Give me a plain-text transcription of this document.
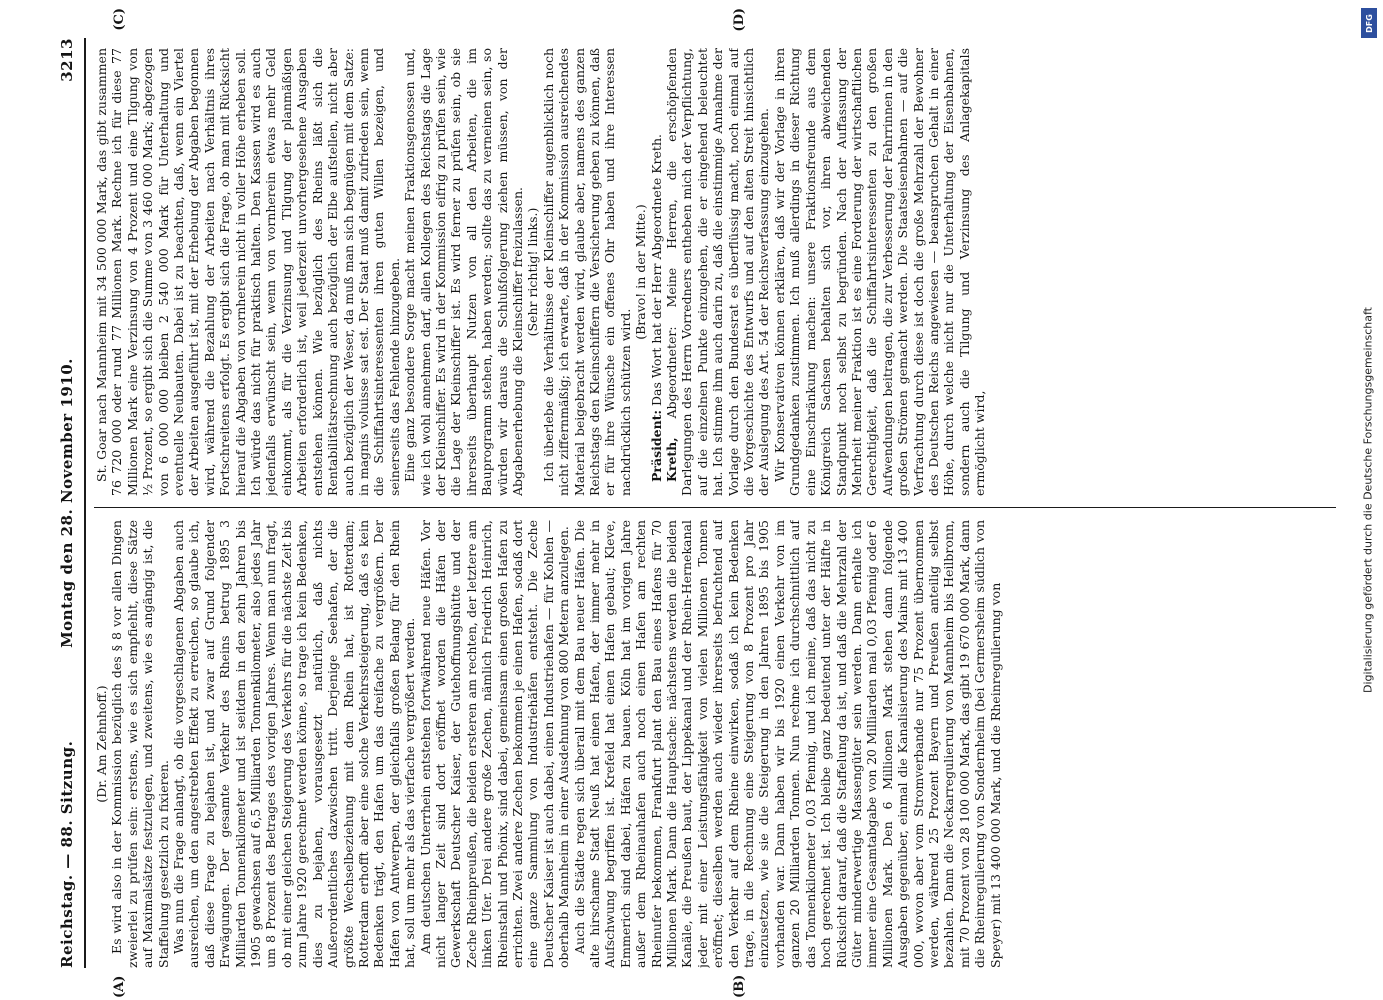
Reichstag. — 88. Sitzung.
Montag den 28. November 1910.
3213

(Dr. Am Zehnhoff.) Es wird also in der Kommission bezüglich des § 8 vor allen Dingen zweierlei zu prüfen sein: erstens, wie es sich empfiehlt, diese Sätze auf Maximalsätze festzulegen, und zweitens, wie es angängig ist, die Staffelung gesetzlich zu fixieren. Was nun die Frage anlangt, ob die vorgeschlagenen Abgaben auch ausreichen, um den angestrebten Effekt zu erreichen, so glaube ich, daß diese Frage zu bejahen ist, und zwar auf Grund folgender Erwägungen. Der gesamte Verkehr des Rheins betrug 1895 3 Milliarden Tonnenkilometer und ist seitdem in den zehn Jahren bis 1905 gewachsen auf 6,5 Milliarden Tonnenkilometer, also jedes Jahr um 8 Prozent des Betrages des vorigen Jahres. Wenn man nun fragt, ob mit einer gleichen Steigerung des Verkehrs für die nächste Zeit bis zum Jahre 1920 gerechnet werden könne, so trage ich kein Bedenken, dies zu bejahen, vorausgesetzt natürlich, daß nichts Außerordentliches dazwischen tritt. Derjenige Seehafen, der die größte Wechselbeziehung mit dem Rhein hat, ist Rotterdam; Rotterdam erhofft aber eine solche Verkehrssteigerung, daß es kein Bedenken trägt, den Hafen um das dreifache zu vergrößern. Der Hafen von Antwerpen, der gleichfalls großen Belang für den Rhein hat, soll um mehr als das vierfache vergrößert werden. Am deutschen Unterrhein entstehen fortwährend neue Häfen. Vor nicht langer Zeit sind dort eröffnet worden die Häfen der Gewerkschaft Deutscher Kaiser, der Gutehoffnungshütte und der Zeche Rheinpreußen, die beiden ersteren am rechten, der letztere am linken Ufer. Drei andere große Zechen, nämlich Friedrich Heinrich, Rheinstahl und Phönix, sind dabei, gemeinsam einen großen Hafen zu errichten. Zwei andere Zechen bekommen je einen Hafen, sodaß dort eine ganze Sammlung von Industriehäfen entsteht. Die Zeche Deutscher Kaiser ist auch dabei, einen Industriehafen — für Kohlen — oberhalb Mannheim in einer Ausdehnung von 800 Metern anzulegen. Auch die Städte regen sich überall mit dem Bau neuer Häfen. Die alte hirschame Stadt Neuß hat einen Hafen, der immer mehr in Aufschwung begriffen ist. Krefeld hat einen Hafen gebaut; Kleve, Emmerich sind dabei, Häfen zu bauen. Köln hat im vorigen Jahre außer dem Rheinauhafen auch noch einen Hafen am rechten Rheinufer bekommen, Frankfurt plant den Bau eines Hafens für 70 Millionen Mark. Dann die Hauptsache: nächstens werden die beiden Kanäle, die Preußen baut, der Lippekanal und der Rhein-Hernekanal jeder mit einer Leistungsfähigkeit von vielen Millionen Tonnen eröffnet; dieselben werden auch wieder ihrerseits befruchtend auf den Verkehr auf dem Rheine einwirken, sodaß ich kein Bedenken trage, in die Rechnung eine Steigerung von 8 Prozent pro Jahr einzusetzen, wie sie die Steigerung in den Jahren 1895 bis 1905 vorhanden war. Dann haben wir bis 1920 einen Verkehr von im ganzen 20 Milliarden Tonnen. Nun rechne ich durchschnittlich auf das Tonnenkilometer 0,03 Pfennig, und ich meine, daß das nicht zu hoch gerechnet ist. Ich bleibe ganz bedeutend unter der Hälfte in Rücksicht darauf, daß die Staffelung da ist, und daß die Mehrzahl der Güter minderwertige Massengüter sein werden. Dann erhalte ich immer eine Gesamtabgabe von 20 Milliarden mal 0,03 Pfennig oder 6 Millionen Mark. Den 6 Millionen Mark stehen dann folgende Ausgaben gegenüber, einmal die Kanalisierung des Mains mit 13 400 000, wovon aber vom Stromverbande nur 75 Prozent übernommen werden, während 25 Prozent Bayern und Preußen anteilig selbst bezahlen. Dann die Neckarregulierung von Mannheim bis Heilbronn, mit 70 Prozent von 28 100 000 Mark, das gibt 19 670 000 Mark, dann die Rheinregulierung von Sondernheim (bei Germersheim südlich von Speyer) mit 13 400 000 Mark, und die Rheinregulierung von

St. Goar nach Mannheim mit 34 500 000 Mark, das gibt zusammen 76 720 000 oder rund 77 Millionen Mark. Rechne ich für diese 77 Millionen Mark eine Verzinsung von 4 Prozent und eine Tilgung von ½ Prozent, so ergibt sich die Summe von 3 460 000 Mark; abgezogen von 6 000 000 bleiben 2 540 000 Mark für Unterhaltung und eventuelle Neubauten. Dabei ist zu beachten, daß, wenn ein Viertel der Arbeiten ausgeführt ist, mit der Erhebung der Abgaben begonnen wird, während die Bezahlung der Arbeiten nach Verhältnis ihres Fortschreitens erfolgt. Es ergibt sich die Frage, ob man mit Rücksicht hierauf die Abgaben von vornherein nicht in voller Höhe erheben soll. Ich würde das nicht für praktisch halten. Den Kassen wird es auch jedenfalls erwünscht sein, wenn von vornherein etwas mehr Geld einkommt, als für die Verzinsung und Tilgung der planmäßigen Arbeiten erforderlich ist, weil jederzeit unvorhergesehene Ausgaben entstehen können. Wie bezüglich des Rheins läßt sich die Rentabilitätsrechnung auch bezüglich der Elbe aufstellen, nicht aber auch bezüglich der Weser, da muß man sich begnügen mit dem Satze: in magnis voluisse sat est. Der Staat muß damit zufrieden sein, wenn die Schiffahrtsinteressenten ihren guten Willen bezeigen, und seinerseits das Fehlende hinzugeben. Eine ganz besondere Sorge macht meinen Fraktionsgenossen und, wie ich wohl annehmen darf, allen Kollegen des Reichstags die Lage der Kleinschiffer. Es wird in der Kommission eifrig zu prüfen sein, wie die Lage der Kleinschiffer ist. Es wird ferner zu prüfen sein, ob sie ihrerseits überhaupt Nutzen von all den Arbeiten, die im Bauprogramm stehen, haben werden; sollte das zu verneinen sein, so würden wir daraus die Schlußfolgerung ziehen müssen, von der Abgabenerhebung die Kleinschiffer freizulassen. (Sehr richtig! links.) Ich überlebe die Verhältnisse der Kleinschiffer augenblicklich noch nicht ziffernmäßig; ich erwarte, daß in der Kommission ausreichendes Material beigebracht werden wird, glaube aber, namens des ganzen Reichstags den Kleinschiffern die Versicherung geben zu können, daß er für ihre Wünsche ein offenes Ohr haben und ihre Interessen nachdrücklich schützen wird.

(Bravo! in der Mitte.)

Präsident: Das Wort hat der Herr Abgeordnete Kreth.

Kreth, Abgeordneter: Meine Herren, die erschöpfenden Darlegungen des Herrn Vorredners entheben mich der Verpflichtung, auf die einzelnen Punkte einzugehen, die er eingehend beleuchtet hat. Ich stimme ihm auch darin zu, daß die einstimmige Annahme der Vorlage durch den Bundesrat es überflüssig macht, noch einmal auf die Vorgeschichte des Entwurfs und auf den alten Streit hinsichtlich der Auslegung des Art. 54 der Reichsverfassung einzugehen. Wir Konservativen können erklären, daß wir der Vorlage in ihren Grundgedanken zustimmen. Ich muß allerdings in dieser Richtung eine Einschränkung machen: unsere Fraktionsfreunde aus dem Königreich Sachsen behalten sich vor, ihren abweichenden Standpunkt noch selbst zu begründen. Nach der Auffassung der Mehrheit meiner Fraktion ist es eine Forderung der wirtschaftlichen Gerechtigkeit, daß die Schiffahrtsinteressenten zu den großen Aufwendungen beitragen, die zur Verbesserung der Fahrrinnen in den großen Strömen gemacht werden. Die Staatseisenbahnen — auf die Verfrachtung durch diese ist doch die große Mehrzahl der Bewohner des Deutschen Reichs angewiesen — beanspruchen Gehalt in einer Höhe, durch welche nicht nur die Unterhaltung der Eisenbahnen, sondern auch die Tilgung und Verzinsung des Anlagekapitals ermöglicht wird,

(A)	(B)
(C)	(D)	DFG
Digitalisierung gefördert durch die Deutsche Forschungsgemeinschaft
